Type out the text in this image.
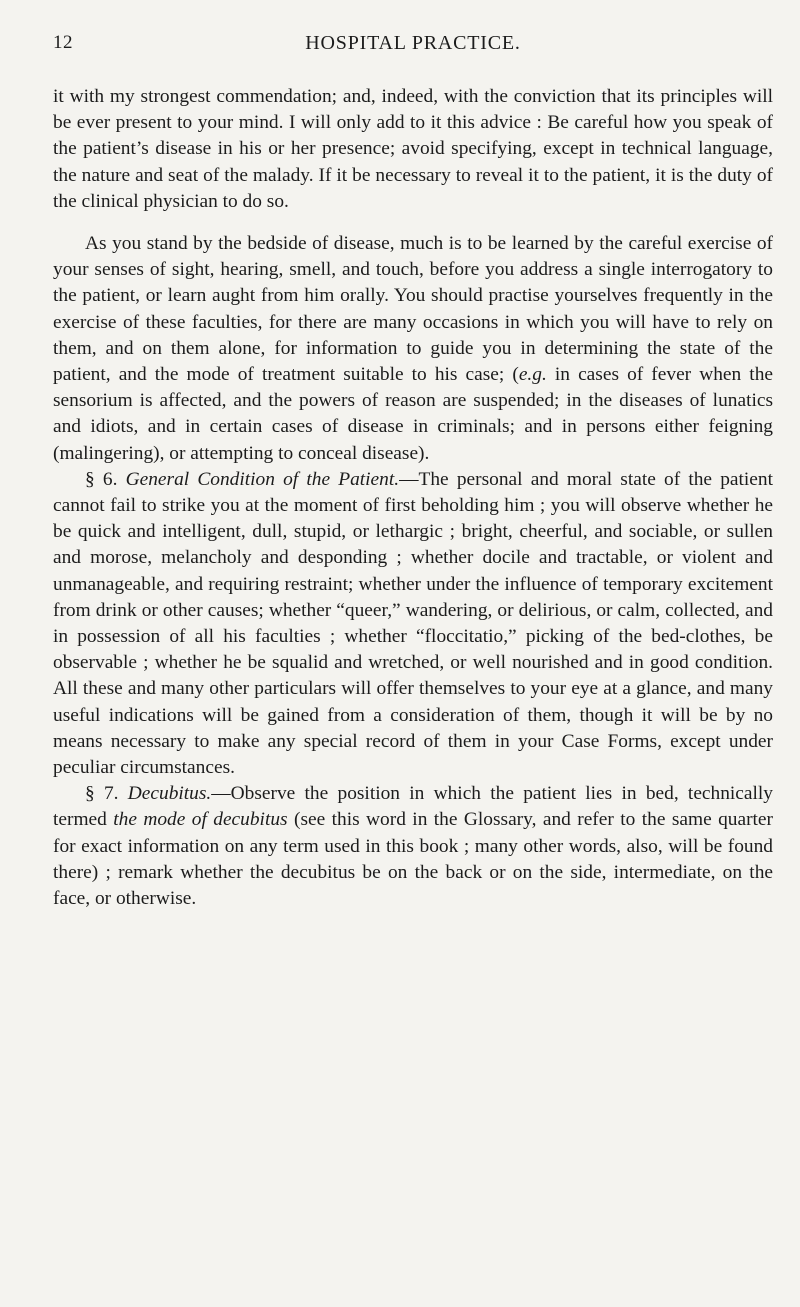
12	HOSPITAL PRACTICE.

it with my strongest commendation; and, indeed, with the conviction that its principles will be ever present to your mind. I will only add to it this advice : Be careful how you speak of the patient’s disease in his or her presence; avoid specifying, except in technical language, the nature and seat of the malady. If it be necessary to reveal it to the patient, it is the duty of the clinical physician to do so.

As you stand by the bedside of disease, much is to be learned by the careful exercise of your senses of sight, hearing, smell, and touch, before you address a single interrogatory to the patient, or learn aught from him orally. You should practise yourselves frequently in the exercise of these faculties, for there are many occasions in which you will have to rely on them, and on them alone, for information to guide you in determining the state of the patient, and the mode of treatment suitable to his case; (e.g. in cases of fever when the sensorium is affected, and the powers of reason are suspended; in the diseases of lunatics and idiots, and in certain cases of disease in criminals; and in persons either feigning (malingering), or attempting to conceal disease).

§ 6. General Condition of the Patient.—The personal and moral state of the patient cannot fail to strike you at the moment of first beholding him ; you will observe whether he be quick and intelligent, dull, stupid, or lethargic ; bright, cheerful, and sociable, or sullen and morose, melancholy and desponding ; whether docile and tractable, or violent and unmanageable, and requiring restraint; whether under the influence of temporary excitement from drink or other causes; whether “queer,” wandering, or delirious, or calm, collected, and in possession of all his faculties ; whether “floccitatio,” picking of the bed-clothes, be observable ; whether he be squalid and wretched, or well nourished and in good condition. All these and many other particulars will offer themselves to your eye at a glance, and many useful indications will be gained from a consideration of them, though it will be by no means necessary to make any special record of them in your Case Forms, except under peculiar circumstances.

§ 7. Decubitus.—Observe the position in which the patient lies in bed, technically termed the mode of decubitus (see this word in the Glossary, and refer to the same quarter for exact information on any term used in this book ; many other words, also, will be found there) ; remark whether the decubitus be on the back or on the side, intermediate, on the face, or otherwise.
